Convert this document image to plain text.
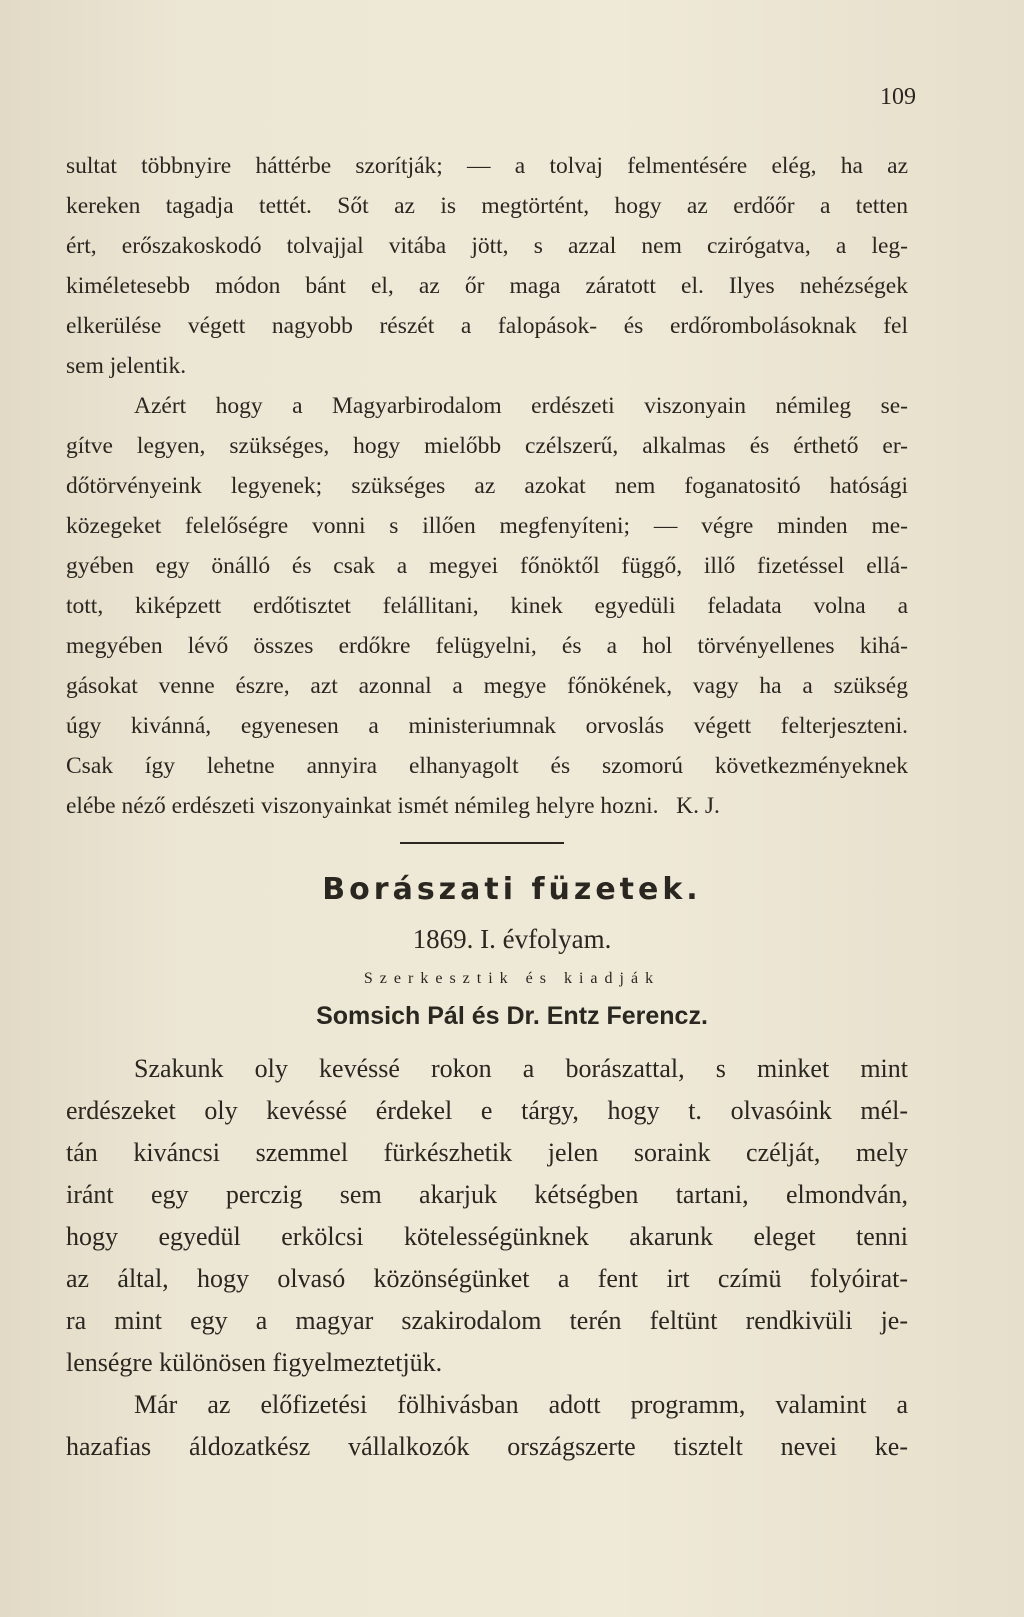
109
sultat többnyire háttérbe szorítják; — a tolvaj felmentésére elég, ha az
kereken tagadja tettét. Sőt az is megtörtént, hogy az erdőőr a tetten
ért, erőszakoskodó tolvajjal vitába jött, s azzal nem czirógatva, a leg-
kiméletesebb módon bánt el, az őr maga záratott el. Ilyes nehézségek
elkerülése végett nagyobb részét a falopások- és erdőrombolásoknak fel
sem jelentik.
Azért hogy a Magyarbirodalom erdészeti viszonyain némileg se-
gítve legyen, szükséges, hogy mielőbb czélszerű, alkalmas és érthető er-
dőtörvényeink legyenek; szükséges az azokat nem foganatositó hatósági
közegeket felelőségre vonni s illően megfenyíteni; — végre minden me-
gyében egy önálló és csak a megyei főnöktől függő, illő fizetéssel ellá-
tott, kiképzett erdőtisztet felállitani, kinek egyedüli feladata volna a
megyében lévő összes erdőkre felügyelni, és a hol törvényellenes kihá-
gásokat venne észre, azt azonnal a megye főnökének, vagy ha a szükség
úgy kivánná, egyenesen a ministeriumnak orvoslás végett felterjeszteni.
Csak így lehetne annyira elhanyagolt és szomorú következményeknek
elébe néző erdészeti viszonyainkat ismét némileg helyre hozni.   K. J.
Borászati füzetek.
1869. I. évfolyam.
Szerkesztik és kiadják
Somsich Pál és Dr. Entz Ferencz.
Szakunk oly kevéssé rokon a borászattal, s minket mint
erdészeket oly kevéssé érdekel e tárgy, hogy t. olvasóink mél-
tán kiváncsi szemmel fürkészhetik jelen soraink czélját, mely
iránt egy perczig sem akarjuk kétségben tartani, elmondván,
hogy egyedül erkölcsi kötelességünknek akarunk eleget tenni
az által, hogy olvasó közönségünket a fent irt czímü folyóirat-
ra mint egy a magyar szakirodalom terén feltünt rendkivüli je-
lenségre különösen figyelmeztetjük.
Már az előfizetési fölhivásban adott programm, valamint a
hazafias áldozatkész vállalkozók országszerte tisztelt nevei ke-
